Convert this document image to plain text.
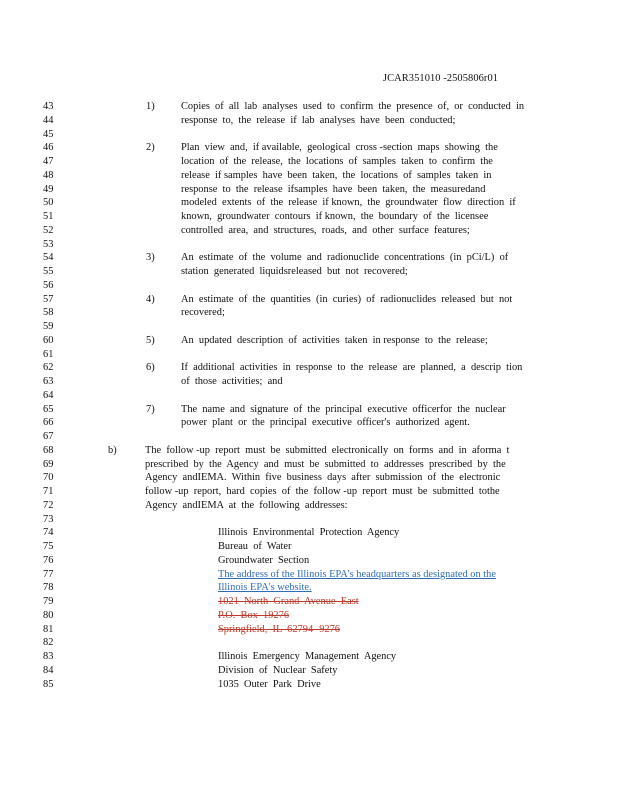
JCAR351010 -2505806r01
43	1)	Copies  of  all  lab  analyses  used  to  confirm  the  presence  of,  or  conducted  in
44	response  to,  the  release  if  lab  analyses  have  been  conducted;
45
46	2)	Plan  view  and,  if available,  geological  cross -section  maps  showing  the
47	location  of  the  release,  the  locations  of  samples  taken  to  confirm  the
48	release  if samples  have  been  taken,  the  locations  of  samples  taken  in
49	response  to  the  release  ifsamples  have  been  taken,  the  measuredand
50	modeled  extents  of  the  release  if known,  the  groundwater  flow  direction  if
51	known,  groundwater  contours  if known,  the  boundary  of  the  licensee
52	controlled  area,  and  structures,  roads,  and  other  surface  features;
53
54	3)	An  estimate  of  the  volume  and  radionuclide  concentrations  (in  pCi/L)  of
55	station  generated  liquidsreleased  but  not  recovered;
56
57	4)	An  estimate  of  the  quantities  (in  curies)  of  radionuclides  released  but  not
58	recovered;
59
60	5)	An  updated  description  of  activities  taken  in response  to  the  release;
61
62	6)	If  additional  activities  in  response  to  the  release  are  planned,  a  descrip  tion
63	of  those  activities;  and
64
65	7)	The  name  and  signature  of  the  principal  executive  officerfor  the  nuclear
66	power  plant  or  the  principal  executive  officer's  authorized  agent.
67
68	b)	The  follow -up  report  must  be  submitted  electronically  on  forms  and  in  aforma  t
69	prescribed  by  the  Agency  and  must  be  submitted  to  addresses  prescribed  by  the
70	Agency  andIEMA.  Within  five  business  days  after  submission  of  the  electronic
71	follow -up  report,  hard  copies  of  the  follow -up  report  must  be  submitted  tothe
72	Agency  andIEMA  at  the  following  addresses:
73
74	Illinois  Environmental  Protection  Agency
75	Bureau  of  Water
76	Groundwater  Section
77	The address of the Illinois EPA's headquarters as designated on the
78	Illinois EPA's website.
79	1021  North  Grand  Avenue  East
80	P.O.  Box  19276
81	Springfield,  IL  62794 -9276
82
83	Illinois  Emergency  Management  Agency
84	Division  of  Nuclear  Safety
85	1035  Outer  Park  Drive
